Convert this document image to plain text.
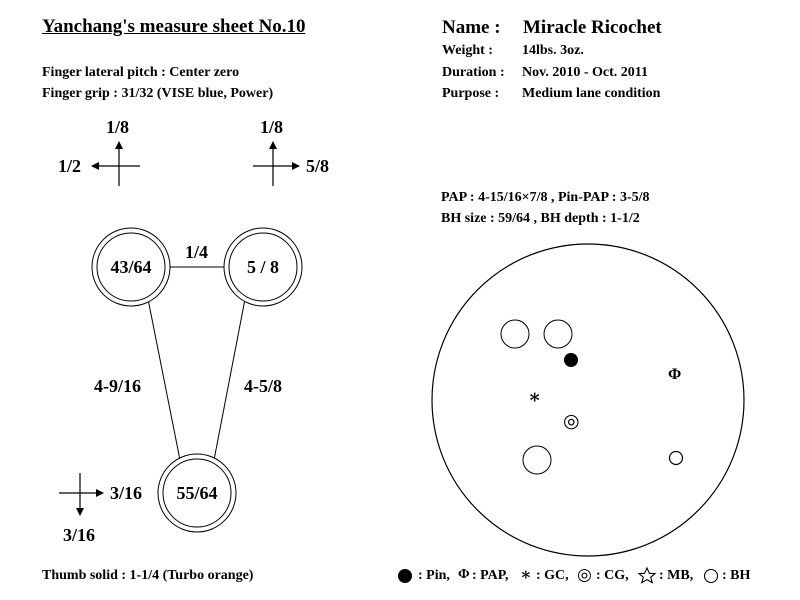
Yanchang's measure sheet No.10
Finger lateral pitch : Center zero
Finger grip : 31/32 (VISE blue, Power)
Name : Miracle Ricochet
Weight : 14lbs. 3oz.
Duration : Nov. 2010 - Oct. 2011
Purpose : Medium lane condition
PAP : 4-15/16×7/8 , Pin-PAP : 3-5/8
BH size : 59/64 , BH depth : 1-1/2
Φ
∗
◎
1/8
1/2
1/8
5/8
3/16
3/16
43/64	5 / 8
55/64
1/4
4-9/16	4-5/8
Thumb solid : 1-1/4 (Turbo orange)	: Pin, Φ : PAP, ∗ : GC, ◎ : CG, : MB, : BH
